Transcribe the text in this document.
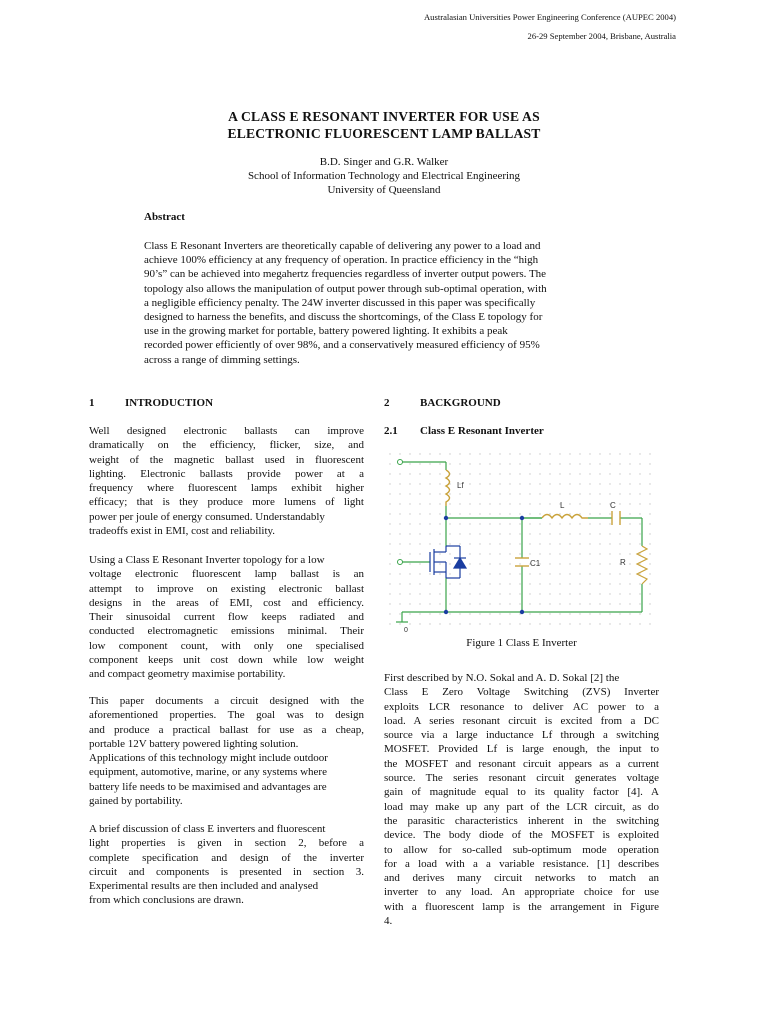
Australasian Universities Power Engineering Conference (AUPEC 2004)
26-29 September 2004, Brisbane, Australia
A CLASS E RESONANT INVERTER FOR USE AS
ELECTRONIC FLUORESCENT LAMP BALLAST
B.D. Singer and G.R. Walker
School of Information Technology and Electrical Engineering
University of Queensland
Abstract
Class E Resonant Inverters are theoretically capable of delivering any power to a load and
achieve 100% efficiency at any frequency of operation. In practice efficiency in the “high
90’s” can be achieved into megahertz frequencies regardless of inverter output powers. The
topology also allows the manipulation of output power through sub-optimal operation, with
a negligible efficiency penalty. The 24W inverter discussed in this paper was specifically
designed to harness the benefits, and discuss the shortcomings, of the Class E topology for
use in the growing market for portable, battery powered lighting. It exhibits a peak
recorded power efficiently of over 98%, and a conservatively measured efficiency of 95%
across a range of dimming settings.
1	INTRODUCTION
Well designed electronic ballasts can improve
dramatically on the efficiency, flicker, size, and
weight of the magnetic ballast used in fluorescent
lighting. Electronic ballasts provide power at a
frequency where fluorescent lamps exhibit higher
efficacy; that is they produce more lumens of light
power per joule of energy consumed. Understandably
tradeoffs exist in EMI, cost and reliability.
Using a Class E Resonant Inverter topology for a low
voltage electronic fluorescent lamp ballast is an
attempt to improve on existing electronic ballast
designs in the areas of EMI, cost and efficiency.
Their sinusoidal current flow keeps radiated and
conducted electromagnetic emissions minimal. Their
low component count, with only one specialised
component keeps unit cost down while low weight
and compact geometry maximise portability.
This paper documents a circuit designed with the
aforementioned properties. The goal was to design
and produce a practical ballast for use as a cheap,
portable 12V battery powered lighting solution.
Applications of this technology might include outdoor
equipment, automotive, marine, or any systems where
battery life needs to be maximised and advantages are
gained by portability.
A brief discussion of class E inverters and fluorescent
light properties is given in section 2, before a
complete specification and design of the inverter
circuit and components is presented in section 3.
Experimental results are then included and analysed
from which conclusions are drawn.
2	BACKGROUND
2.1 Class E Resonant Inverter
Lf
L	C
C1	R
0
Figure 1 Class E Inverter
First described by N.O. Sokal and A. D. Sokal [2] the
Class E Zero Voltage Switching (ZVS) Inverter
exploits LCR resonance to deliver AC power to a
load. A series resonant circuit is excited from a DC
source via a large inductance Lf through a switching
MOSFET. Provided Lf is large enough, the input to
the MOSFET and resonant circuit appears as a current
source. The series resonant circuit generates voltage
gain of magnitude equal to its quality factor [4]. A
load may make up any part of the LCR circuit, as do
the parasitic characteristics inherent in the switching
device. The body diode of the MOSFET is exploited
to allow for so-called sub-optimum mode operation
for a load with a a variable resistance. [1] describes
and derives many circuit networks to match an
inverter to any load. An appropriate choice for use
with a fluorescent lamp is the arrangement in Figure
4.
